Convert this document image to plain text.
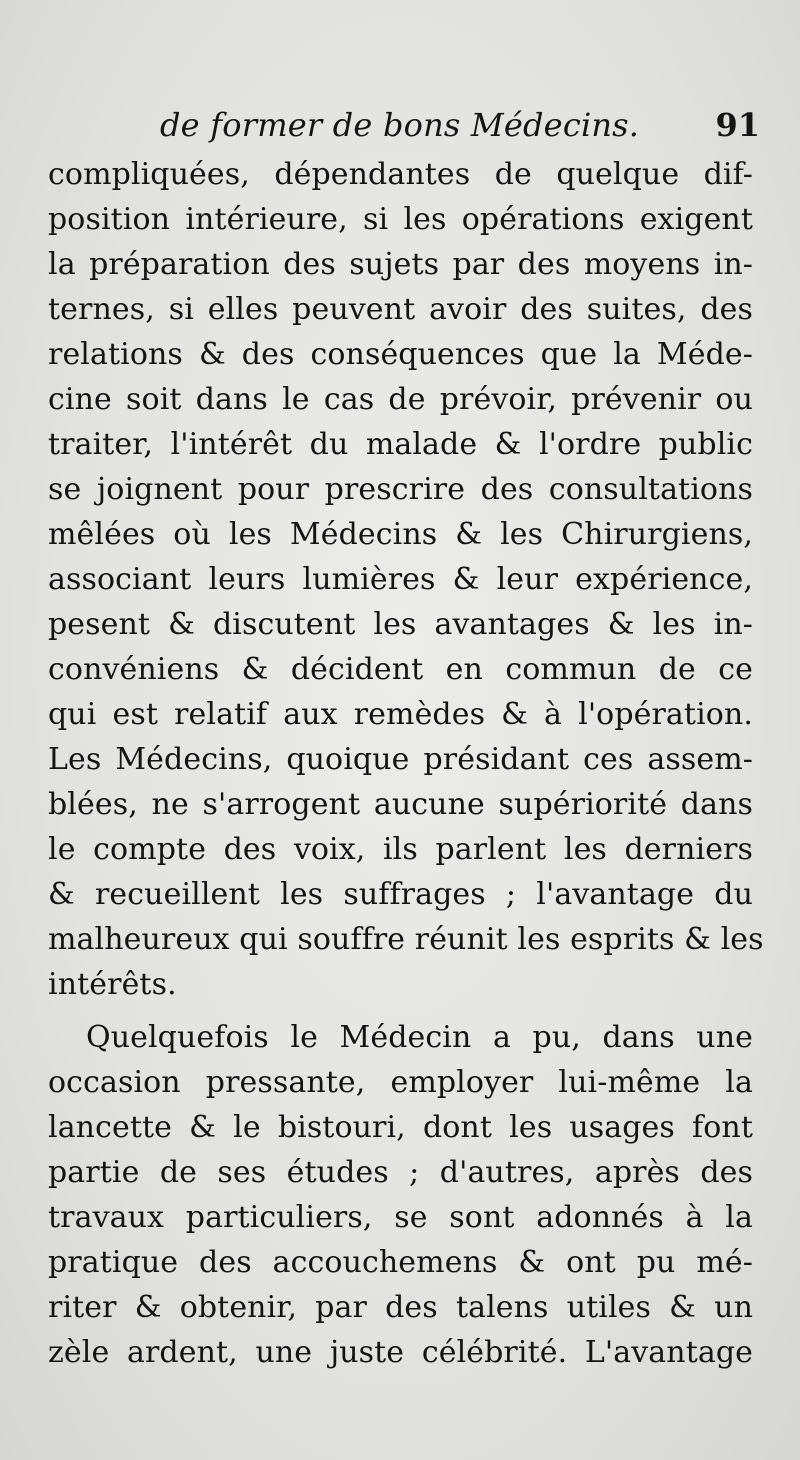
de former de bons Médecins. 91
compliquées, dépendantes de quelque dif-
position intérieure, si les opérations exigent
la préparation des sujets par des moyens in-
ternes, si elles peuvent avoir des suites, des
relations & des conséquences que la Méde-
cine soit dans le cas de prévoir, prévenir ou
traiter, l'intérêt du malade & l'ordre public
se joignent pour prescrire des consultations
mêlées où les Médecins & les Chirurgiens,
associant leurs lumières & leur expérience,
pesent & discutent les avantages & les in-
convéniens & décident en commun de ce
qui est relatif aux remèdes & à l'opération.
Les Médecins, quoique présidant ces assem-
blées, ne s'arrogent aucune supériorité dans
le compte des voix, ils parlent les derniers
& recueillent les suffrages ; l'avantage du
malheureux qui souffre réunit les esprits & les
intérêts.
Quelquefois le Médecin a pu, dans une
occasion pressante, employer lui-même la
lancette & le bistouri, dont les usages font
partie de ses études ; d'autres, après des
travaux particuliers, se sont adonnés à la
pratique des accouchemens & ont pu mé-
riter & obtenir, par des talens utiles & un
zèle ardent, une juste célébrité. L'avantage
